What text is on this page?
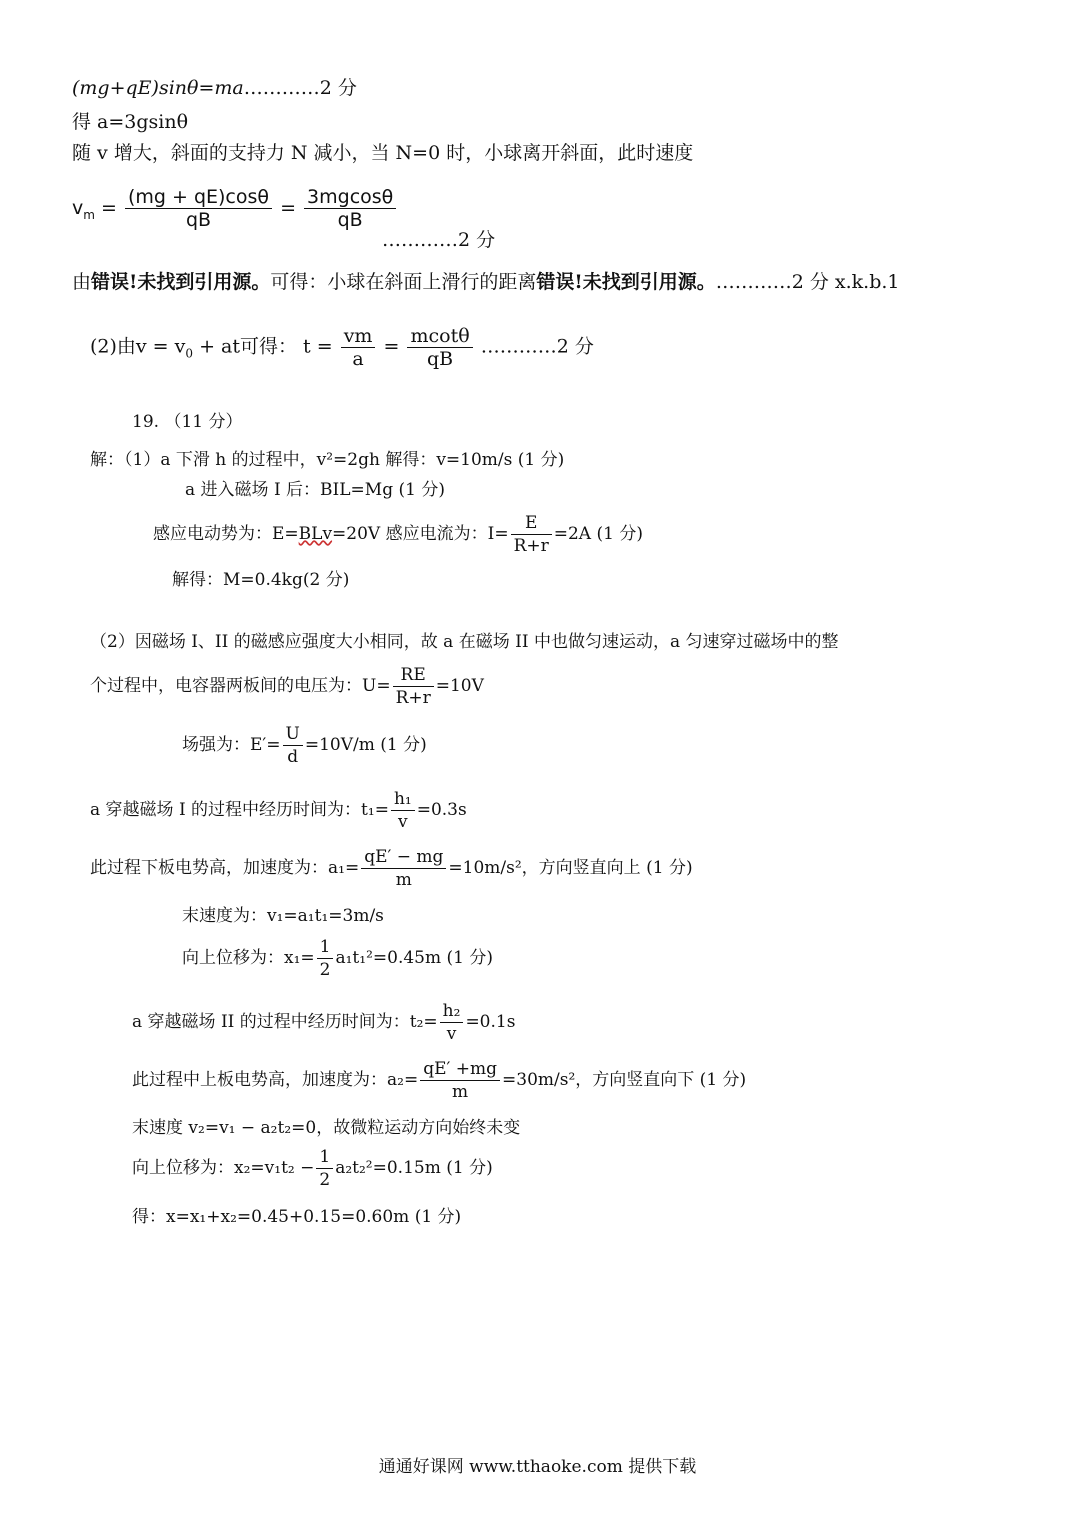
(mg+qE)sinθ=ma…………2 分
得 a=3gsinθ
随 v 增大，斜面的支持力 N 减小，当 N=0 时，小球离开斜面，此时速度
$v_m = \frac{(mg + qE)\cos\theta}{qB} = \frac{3mgcos\theta}{qB}$
…………2 分
由错误!未找到引用源。可得：小球在斜面上滑行的距离错误!未找到引用源。…………2 分 x.k.b.1
(2)由$v = v_0$ + at可得： $t = \frac{vm}{a} = \frac{mcot\theta}{qB}$ …………2 分
19. （11 分）
解：（1）a 下滑 h 的过程中，v²=2gh 解得：v=10m/s (1 分)
a 进入磁场 I 后：BIL=Mg (1 分)
感应电动势为：E=BLv=20V 感应电流为：$I= \frac{E}{R+r} =2A$ (1 分)
解得：M=0.4kg(2 分)
（2）因磁场 I、II 的磁感应强度大小相同，故 a 在磁场 II 中也做匀速运动，a 匀速穿过磁场中的整
个过程中，电容器两板间的电压为：$U= \frac{RE}{R+r} =10V$
场强为：$E'= \frac{U}{d} =10V/m$ (1 分)
a 穿越磁场 I 的过程中经历时间为：$t_1= \frac{\text{h₁}}{v} =0.3s$
此过程下板电势高，加速度为：$a_1= \frac{qE' - mg}{m} =10m/s^2$，方向竖直向上 (1 分)
末速度为：v₁=a₁t₁=3m/s
向上位移为：$x_1= \frac{1}{2} a_1t_1^2=0.45m$ (1 分)
a 穿越磁场 II 的过程中经历时间为：$t_2= \frac{\text{h₂}}{v} =0.1s$
此过程中上板电势高，加速度为：$a_2= \frac{qE' +mg}{m} =30m/s^2$，方向竖直向下 (1 分)
末速度 v₂=v₁ − a₂t₂=0，故微粒运动方向始终未变
向上位移为：$x_2=v_1t_2 - \frac{1}{2} a_2t_2^2=0.15m$ (1 分)
得：x=x₁+x₂=0.45+0.15=0.60m (1 分)
通通好课网 www.tthaoke.com 提供下载
